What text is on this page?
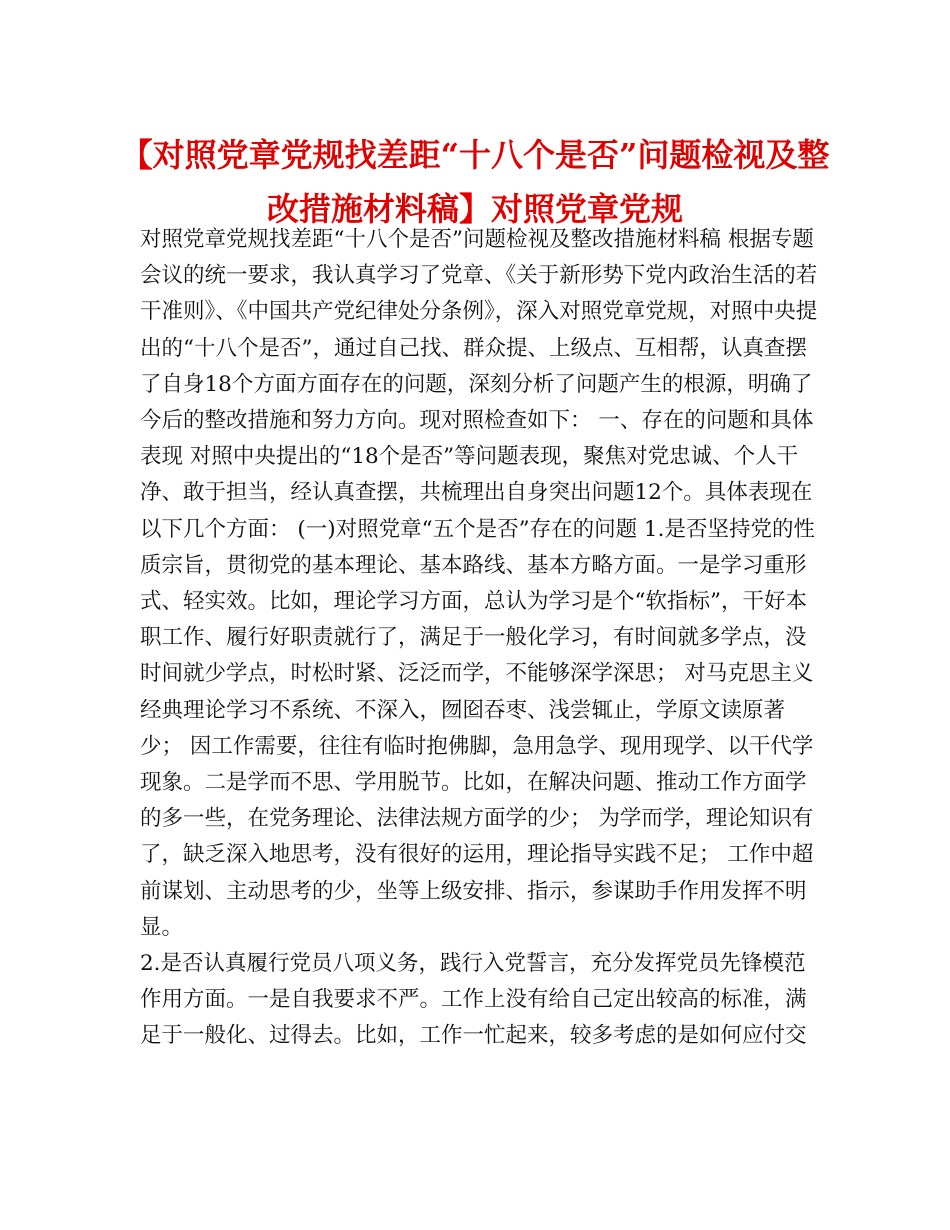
【对照党章党规找差距“十八个是否”问题检视及整改措施材料稿】对照党章党规

对照党章党规找差距“十八个是否”问题检视及整改措施材料稿 根据专题会议的统一要求，我认真学习了党章、《关于新形势下党内政治生活的若干准则》、《中国共产党纪律处分条例》，深入对照党章党规，对照中央提出的“十八个是否”，通过自己找、群众提、上级点、互相帮，认真查摆了自身18个方面方面存在的问题，深刻分析了问题产生的根源，明确了今后的整改措施和努力方向。现对照检查如下： 一、存在的问题和具体表现 对照中央提出的“18个是否”等问题表现，聚焦对党忠诚、个人干净、敢于担当，经认真查摆，共梳理出自身突出问题12个。具体表现在以下几个方面： (一)对照党章“五个是否”存在的问题 1.是否坚持党的性质宗旨，贯彻党的基本理论、基本路线、基本方略方面。一是学习重形式、轻实效。比如，理论学习方面，总认为学习是个“软指标”，干好本职工作、履行好职责就行了，满足于一般化学习，有时间就多学点，没时间就少学点，时松时紧、泛泛而学，不能够深学深思； 对马克思主义经典理论学习不系统、不深入，囫囵吞枣、浅尝辄止，学原文读原著少； 因工作需要，往往有临时抱佛脚，急用急学、现用现学、以干代学现象。二是学而不思、学用脱节。比如，在解决问题、推动工作方面学的多一些，在党务理论、法律法规方面学的少； 为学而学，理论知识有了，缺乏深入地思考，没有很好的运用，理论指导实践不足； 工作中超前谋划、主动思考的少，坐等上级安排、指示，参谋助手作用发挥不明显。

2.是否认真履行党员八项义务，践行入党誓言，充分发挥党员先锋模范作用方面。一是自我要求不严。工作上没有给自己定出较高的标准，满足于一般化、过得去。比如，工作一忙起来，较多考虑的是如何应付交
